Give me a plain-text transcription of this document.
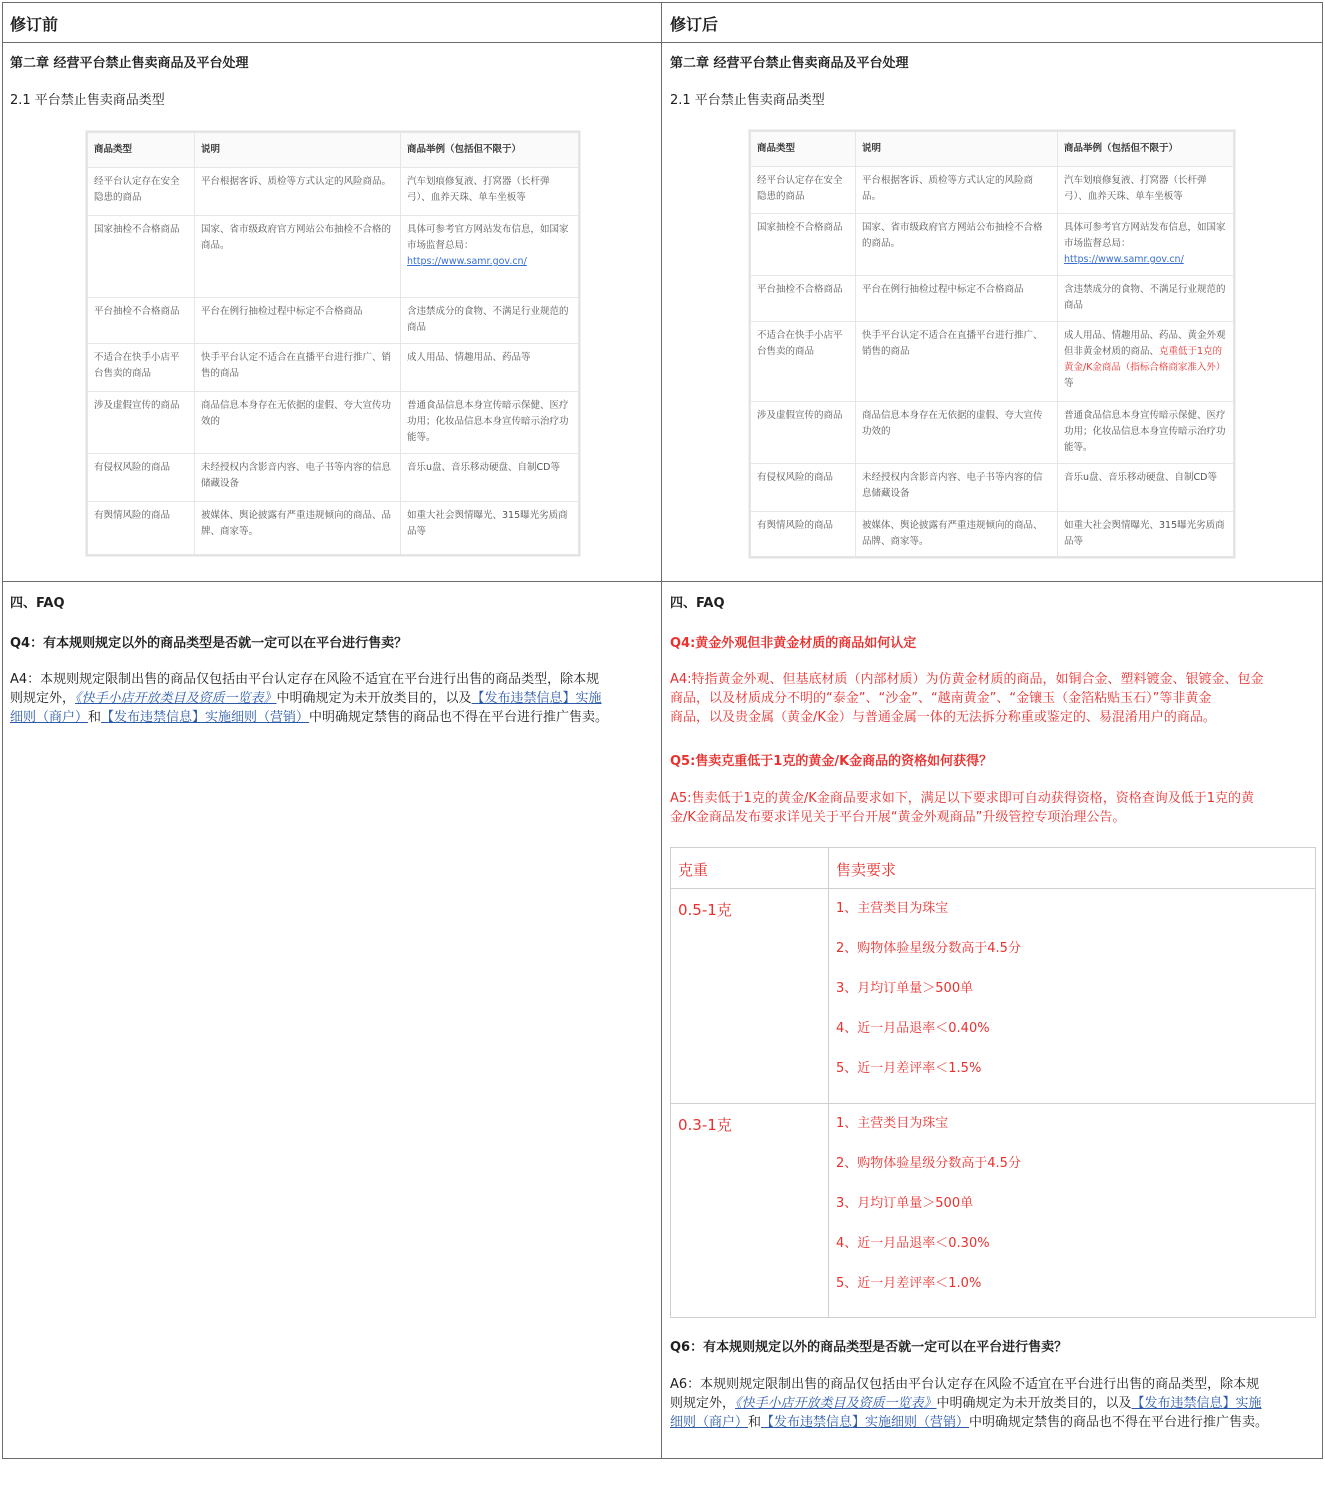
修订前	修订后
第二章 经营平台禁止售卖商品及平台处理
2.1 平台禁止售卖商品类型
商品类型	说明	商品举例（包括但不限于）
经平台认定存在安全隐患的商品	平台根据客诉、质检等方式认定的风险商品。	汽车划痕修复液、打窝器（长杆弹弓）、血养天珠、单车坐板等
国家抽检不合格商品	国家、省市级政府官方网站公布抽检不合格的商品。	具体可参考官方网站发布信息，如国家市场监督总局：
https://www.samr.gov.cn/
平台抽检不合格商品	平台在例行抽检过程中标定不合格商品	含违禁成分的食物、不满足行业规范的商品
不适合在快手小店平台售卖的商品	快手平台认定不适合在直播平台进行推广、销售的商品	成人用品、情趣用品、药品等
涉及虚假宣传的商品	商品信息本身存在无依据的虚假、夸大宣传功效的	普通食品信息本身宣传暗示保健、医疗功用；化妆品信息本身宣传暗示治疗功能等。
有侵权风险的商品	未经授权内含影音内容、电子书等内容的信息储藏设备	音乐u盘、音乐移动硬盘、自制CD等
有舆情风险的商品	被媒体、舆论披露有严重违规倾向的商品、品牌、商家等。	如重大社会舆情曝光、315曝光劣质商品等
第二章 经营平台禁止售卖商品及平台处理
2.1 平台禁止售卖商品类型
商品类型	说明	商品举例（包括但不限于）
经平台认定存在安全隐患的商品	平台根据客诉、质检等方式认定的风险商品。	汽车划痕修复液、打窝器（长杆弹弓）、血养天珠、单车坐板等
国家抽检不合格商品	国家、省市级政府官方网站公布抽检不合格的商品。	具体可参考官方网站发布信息，如国家市场监督总局：
https://www.samr.gov.cn/
平台抽检不合格商品	平台在例行抽检过程中标定不合格商品	含违禁成分的食物、不满足行业规范的商品
不适合在快手小店平台售卖的商品	快手平台认定不适合在直播平台进行推广、销售的商品	成人用品、情趣用品、药品、黄金外观但非黄金材质的商品、克重低于1克的黄金/K金商品（指标合格商家准入外）等
涉及虚假宣传的商品	商品信息本身存在无依据的虚假、夸大宣传功效的	普通食品信息本身宣传暗示保健、医疗功用；化妆品信息本身宣传暗示治疗功能等。
有侵权风险的商品	未经授权内含影音内容、电子书等内容的信息储藏设备	音乐u盘、音乐移动硬盘、自制CD等
有舆情风险的商品	被媒体、舆论披露有严重违规倾向的商品、品牌、商家等。	如重大社会舆情曝光、315曝光劣质商品等
四、FAQ
Q4：有本规则规定以外的商品类型是否就一定可以在平台进行售卖？
A4：本规则规定限制出售的商品仅包括由平台认定存在风险不适宜在平台进行出售的商品类型，除本规
则规定外，《快手小店开放类目及资质一览表》中明确规定为未开放类目的，以及【发布违禁信息】实施
细则（商户）和【发布违禁信息】实施细则（营销）中明确规定禁售的商品也不得在平台进行推广售卖。
四、FAQ
Q4:黄金外观但非黄金材质的商品如何认定
A4:特指黄金外观、但基底材质（内部材质）为仿黄金材质的商品，如铜合金、塑料镀金、银镀金、包金
商品，以及材质成分不明的“泰金”、“沙金”、“越南黄金”、“金镶玉（金箔粘贴玉石）”等非黄金
商品，以及贵金属（黄金/K金）与普通金属一体的无法拆分称重或鉴定的、易混淆用户的商品。
Q5:售卖克重低于1克的黄金/K金商品的资格如何获得？
A5:售卖低于1克的黄金/K金商品要求如下，满足以下要求即可自动获得资格，资格查询及低于1克的黄
金/K金商品发布要求详见关于平台开展“黄金外观商品”升级管控专项治理公告。
克重	售卖要求
0.5-1克	1、主营类目为珠宝
2、购物体验星级分数高于4.5分
3、月均订单量＞500单
4、近一月品退率＜0.40%
5、近一月差评率＜1.5%
0.3-1克	1、主营类目为珠宝
2、购物体验星级分数高于4.5分
3、月均订单量＞500单
4、近一月品退率＜0.30%
5、近一月差评率＜1.0%
Q6：有本规则规定以外的商品类型是否就一定可以在平台进行售卖？
A6：本规则规定限制出售的商品仅包括由平台认定存在风险不适宜在平台进行出售的商品类型，除本规
则规定外，《快手小店开放类目及资质一览表》中明确规定为未开放类目的，以及【发布违禁信息】实施
细则（商户）和【发布违禁信息】实施细则（营销）中明确规定禁售的商品也不得在平台进行推广售卖。
